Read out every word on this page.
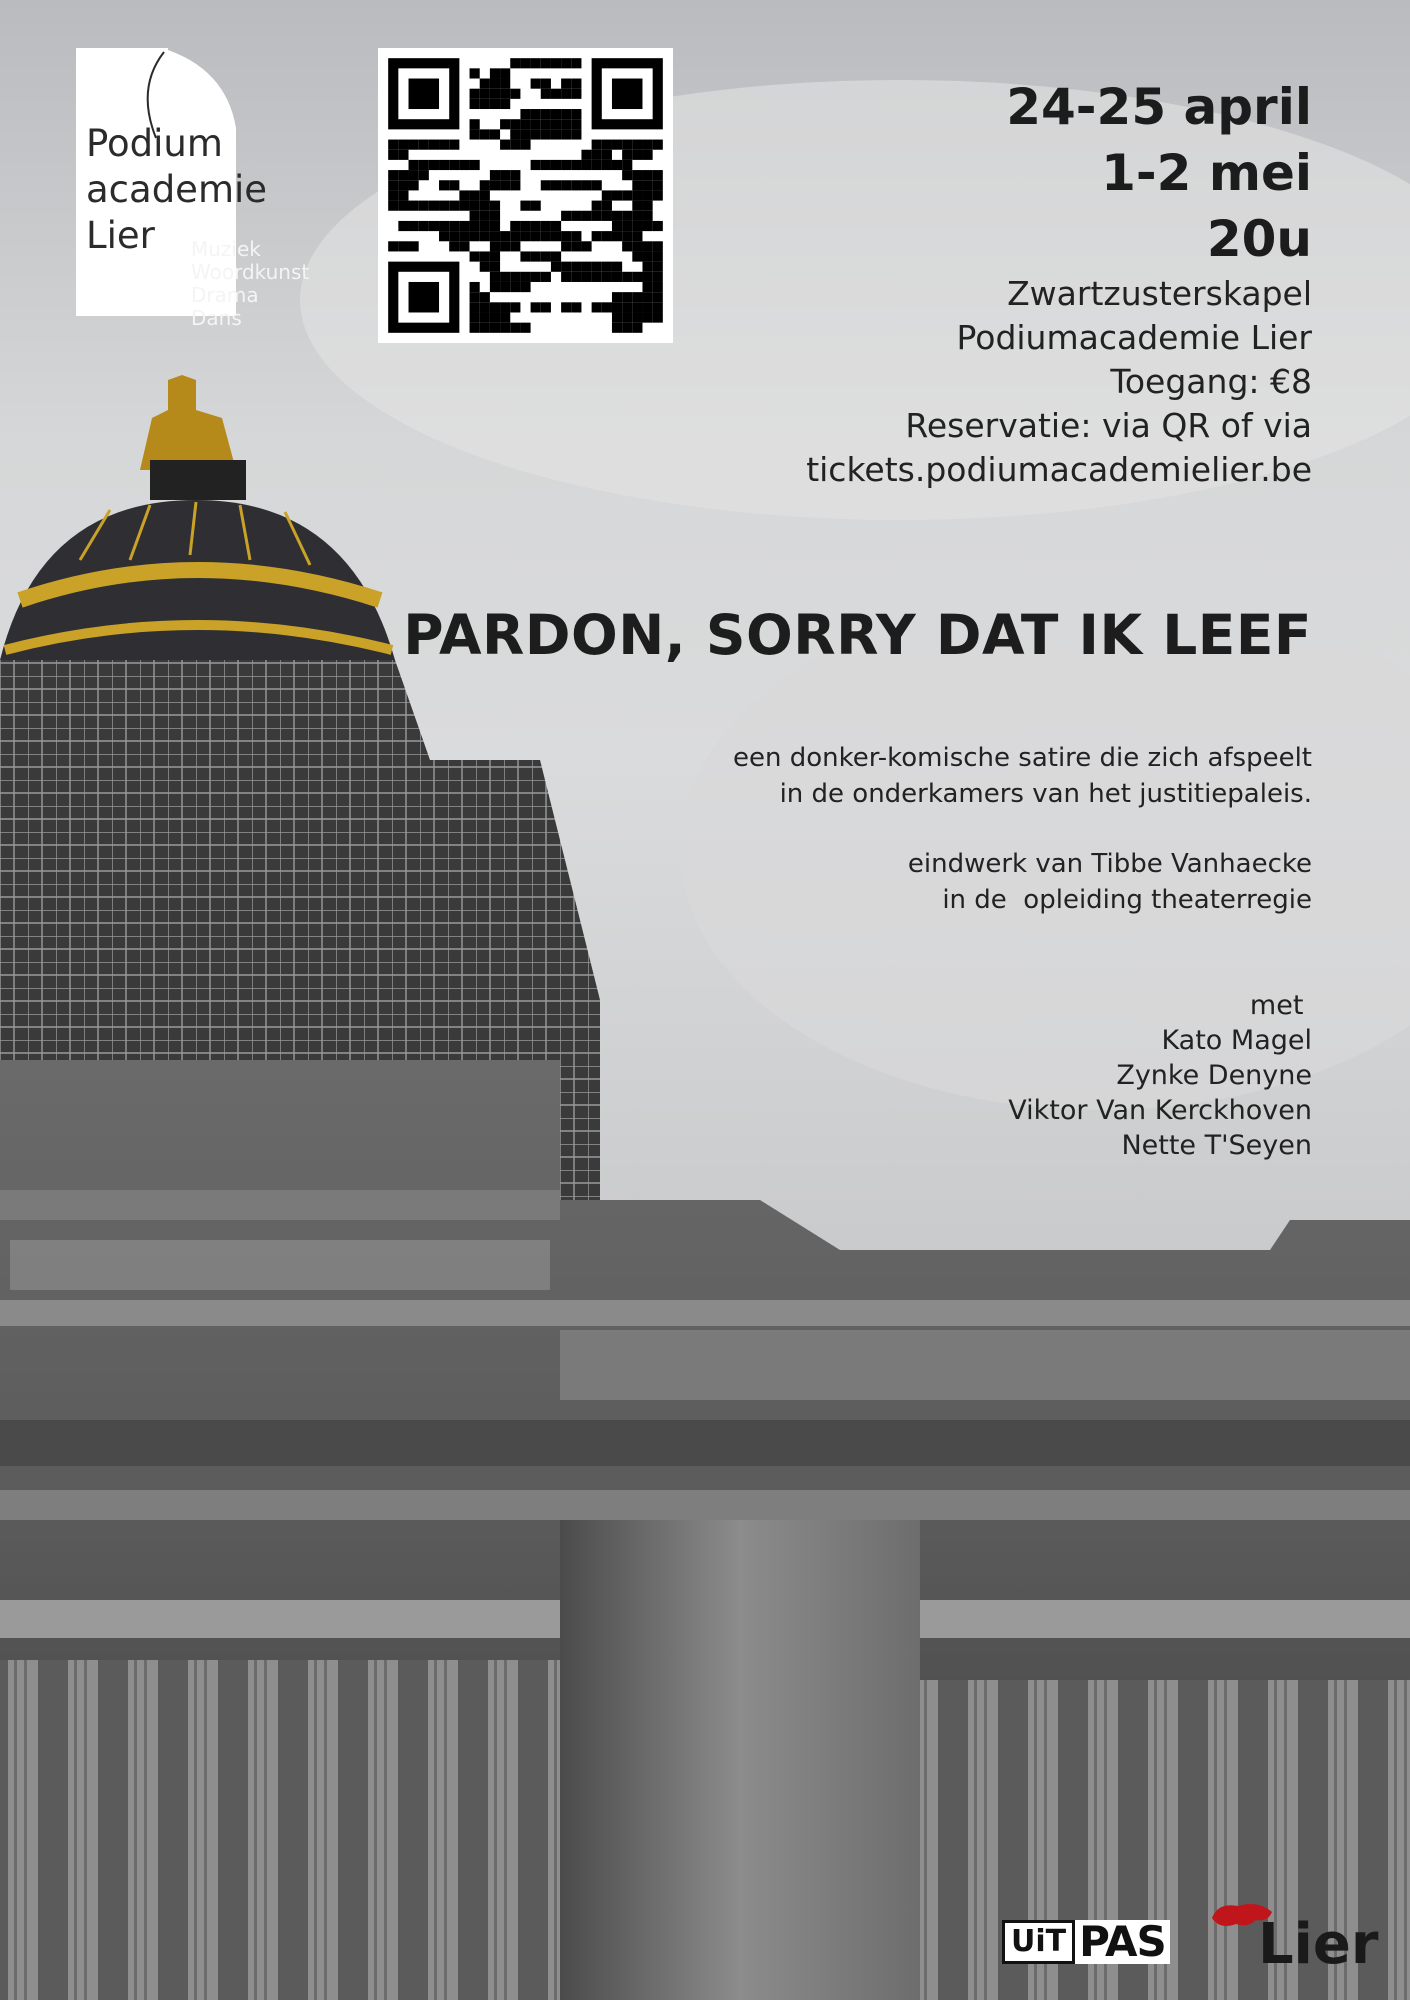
Podium
academie
Lier Muziek
Woordkunst
Drama
Dans
24-25 april
1-2 mei
20u
Zwartzusterskapel
Podiumacademie Lier
Toegang: €8
Reservatie: via QR of via
tickets.podiumacademielier.be
PARDON, SORRY DAT IK LEEF
een donker-komische satire die zich afspeelt
in de onderkamers van het justitiepaleis.
eindwerk van Tibbe Vanhaecke
in de  opleiding theaterregie
met
Kato Magel
Zynke Denyne
Viktor Van Kerckhoven
Nette T'Seyen
UiT PAS Lier
